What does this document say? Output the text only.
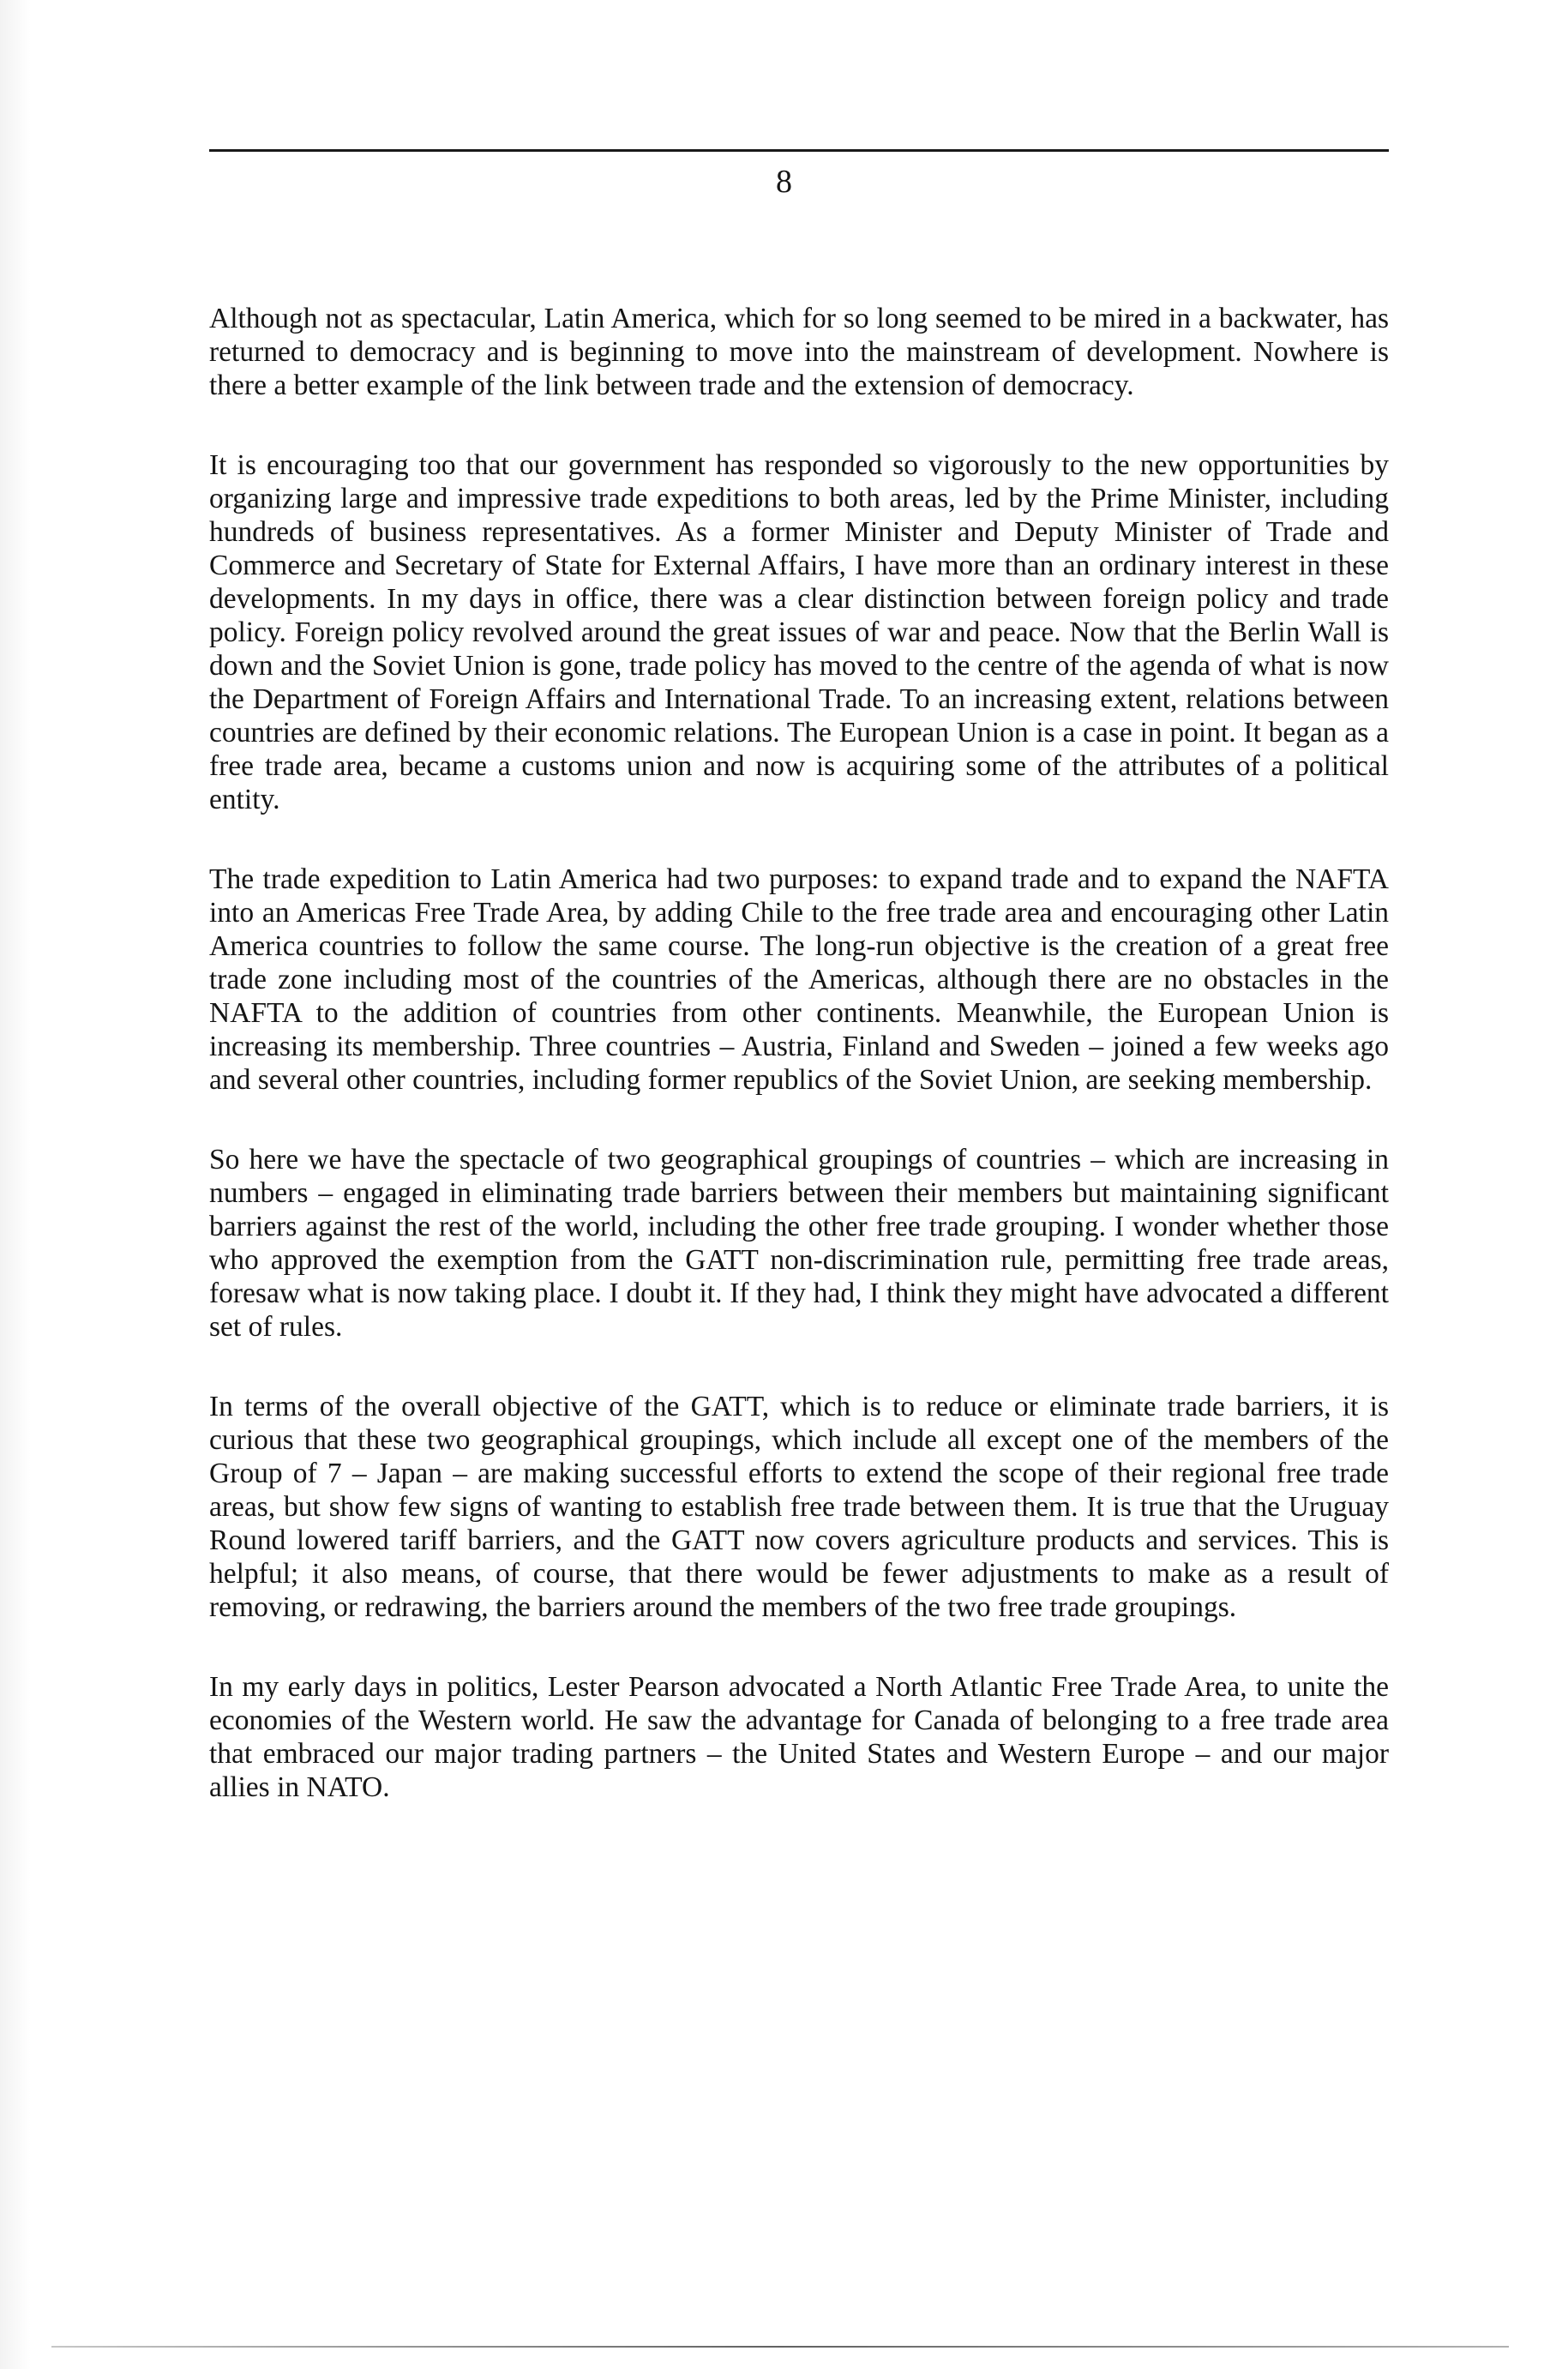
8

Although not as spectacular, Latin America, which for so long seemed to be mired in a backwater, has returned to democracy and is beginning to move into the mainstream of development. Nowhere is there a better example of the link between trade and the extension of democracy.

It is encouraging too that our government has responded so vigorously to the new opportunities by organizing large and impressive trade expeditions to both areas, led by the Prime Minister, including hundreds of business representatives. As a former Minister and Deputy Minister of Trade and Commerce and Secretary of State for External Affairs, I have more than an ordinary interest in these developments. In my days in office, there was a clear distinction between foreign policy and trade policy. Foreign policy revolved around the great issues of war and peace. Now that the Berlin Wall is down and the Soviet Union is gone, trade policy has moved to the centre of the agenda of what is now the Department of Foreign Affairs and International Trade. To an increasing extent, relations between countries are defined by their economic relations. The European Union is a case in point. It began as a free trade area, became a customs union and now is acquiring some of the attributes of a political entity.

The trade expedition to Latin America had two purposes: to expand trade and to expand the NAFTA into an Americas Free Trade Area, by adding Chile to the free trade area and encouraging other Latin America countries to follow the same course. The long-run objective is the creation of a great free trade zone including most of the countries of the Americas, although there are no obstacles in the NAFTA to the addition of countries from other continents. Meanwhile, the European Union is increasing its membership. Three countries – Austria, Finland and Sweden – joined a few weeks ago and several other countries, including former republics of the Soviet Union, are seeking membership.

So here we have the spectacle of two geographical groupings of countries – which are increasing in numbers – engaged in eliminating trade barriers between their members but maintaining significant barriers against the rest of the world, including the other free trade grouping. I wonder whether those who approved the exemption from the GATT non-discrimination rule, permitting free trade areas, foresaw what is now taking place. I doubt it. If they had, I think they might have advocated a different set of rules.

In terms of the overall objective of the GATT, which is to reduce or eliminate trade barriers, it is curious that these two geographical groupings, which include all except one of the members of the Group of 7 – Japan – are making successful efforts to extend the scope of their regional free trade areas, but show few signs of wanting to establish free trade between them. It is true that the Uruguay Round lowered tariff barriers, and the GATT now covers agriculture products and services. This is helpful; it also means, of course, that there would be fewer adjustments to make as a result of removing, or redrawing, the barriers around the members of the two free trade groupings.

In my early days in politics, Lester Pearson advocated a North Atlantic Free Trade Area, to unite the economies of the Western world. He saw the advantage for Canada of belonging to a free trade area that embraced our major trading partners – the United States and Western Europe – and our major allies in NATO.
